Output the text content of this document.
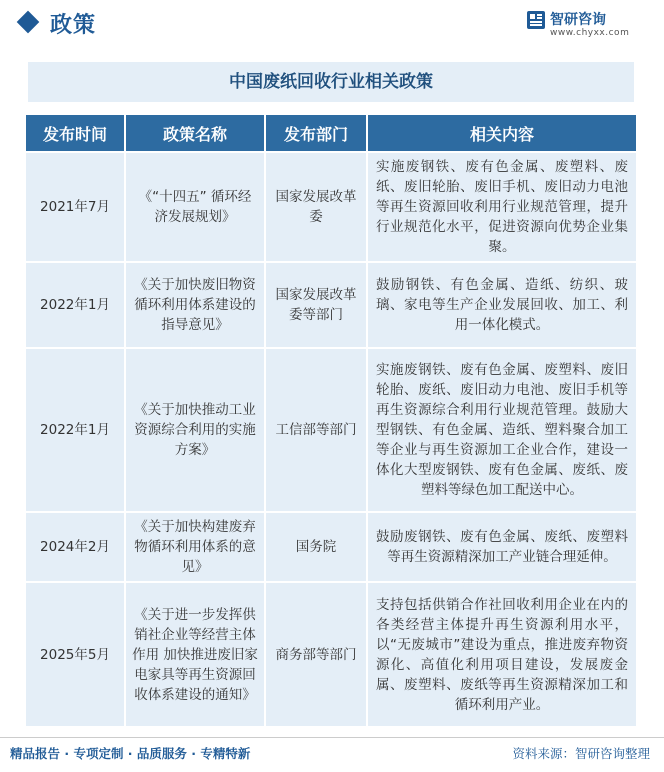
政策	智研咨询
www.chyxx.com
中国废纸回收行业相关政策
发布时间	政策名称	发布部门	相关内容
2021年7月	《“十四五” 循环经济发展规划》	国家发展改革委	实施废钢铁、废有色金属、废塑料、废纸、废旧轮胎、废旧手机、废旧动力电池等再生资源回收利用行业规范管理，提升行业规范化水平，促进资源向优势企业集聚。
2022年1月	《关于加快废旧物资循环利用体系建设的指导意见》	国家发展改革委等部门	鼓励钢铁、有色金属、造纸、纺织、玻璃、家电等生产企业发展回收、加工、利用一体化模式。
2022年1月	《关于加快推动工业资源综合利用的实施方案》	工信部等部门	实施废钢铁、废有色金属、废塑料、废旧轮胎、废纸、废旧动力电池、废旧手机等再生资源综合利用行业规范管理。鼓励大型钢铁、有色金属、造纸、塑料聚合加工等企业与再生资源加工企业合作，建设一体化大型废钢铁、废有色金属、废纸、废塑料等绿色加工配送中心。
2024年2月	《关于加快构建废弃物循环利用体系的意见》	国务院	鼓励废钢铁、废有色金属、废纸、废塑料等再生资源精深加工产业链合理延伸。
2025年5月	《关于进一步发挥供销社企业等经营主体作用 加快推进废旧家电家具等再生资源回收体系建设的通知》	商务部等部门	支持包括供销合作社回收利用企业在内的各类经营主体提升再生资源利用水平，以“无废城市”建设为重点，推进废弃物资源化、高值化利用项目建设，发展废金属、废塑料、废纸等再生资源精深加工和循环利用产业。
精品报告 · 专项定制 · 品质服务 · 专精特新	资料来源：智研咨询整理
